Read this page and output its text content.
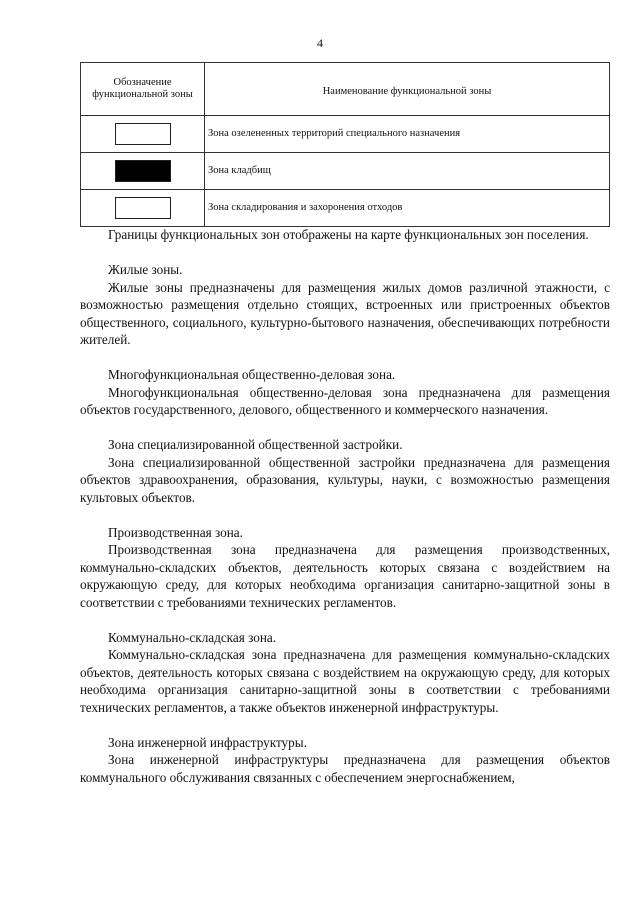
4
Обозначение функциональной зоны	Наименование функциональной зоны
	Зона озелененных территорий специального назначения
	Зона кладбищ
	Зона складирования и захоронения отходов

Границы функциональных зон отображены на карте функциональных зон поселения.

Жилые зоны.

Жилые зоны предназначены для размещения жилых домов различной этажности, с возможностью размещения отдельно стоящих, встроенных или пристроенных объектов общественного, социального, культурно-бытового назначения, обеспечивающих потребности жителей.

Многофункциональная общественно-деловая зона.

Многофункциональная общественно-деловая зона предназначена для размещения объектов государственного, делового, общественного и коммерческого назначения.

Зона специализированной общественной застройки.

Зона специализированной общественной застройки предназначена для размещения объектов здравоохранения, образования, культуры, науки, с возможностью размещения культовых объектов.

Производственная зона.

Производственная зона предназначена для размещения производственных, коммунально-складских объектов, деятельность которых связана с воздействием на окружающую среду, для которых необходима организация санитарно-защитной зоны в соответствии с требованиями технических регламентов.

Коммунально-складская зона.

Коммунально-складская зона предназначена для размещения коммунально-складских объектов, деятельность которых связана с воздействием на окружающую среду, для которых необходима организация санитарно-защитной зоны в соответствии с требованиями технических регламентов, а также объектов инженерной инфраструктуры.

Зона инженерной инфраструктуры.

Зона инженерной инфраструктуры предназначена для размещения объектов коммунального обслуживания связанных с обеспечением энергоснабжением,
